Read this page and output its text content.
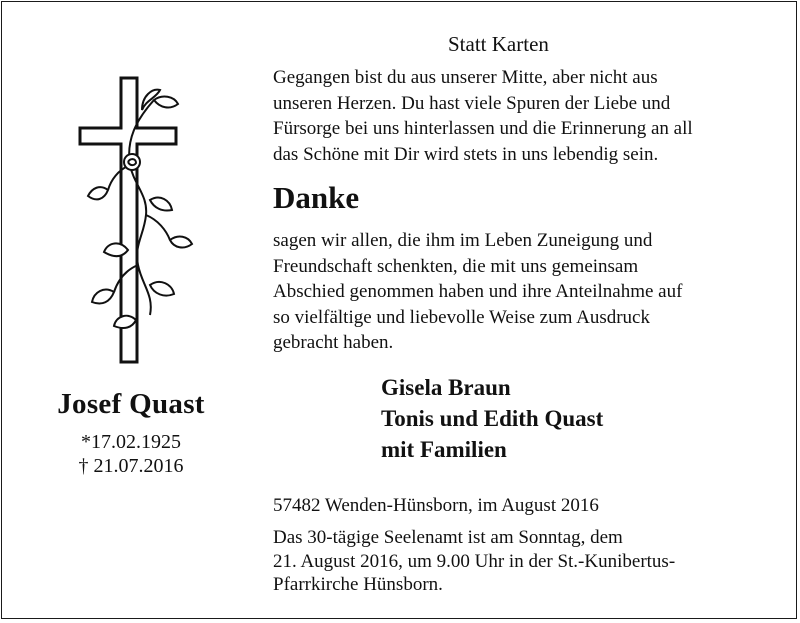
Josef Quast
*17.02.1925
† 21.07.2016
Statt Karten
Gegangen bist du aus unserer Mitte, aber nicht aus
unseren Herzen. Du hast viele Spuren der Liebe und
Fürsorge bei uns hinterlassen und die Erinnerung an all
das Schöne mit Dir wird stets in uns lebendig sein.
Danke
sagen wir allen, die ihm im Leben Zuneigung und
Freundschaft schenkten, die mit uns gemeinsam
Abschied genommen haben und ihre Anteilnahme auf
so vielfältige und liebevolle Weise zum Ausdruck
gebracht haben.
Gisela Braun
Tonis und Edith Quast
mit Familien
57482 Wenden-Hünsborn, im August 2016
Das 30-tägige Seelenamt ist am Sonntag, dem
21. August 2016, um 9.00 Uhr in der St.-Kunibertus-
Pfarrkirche Hünsborn.
